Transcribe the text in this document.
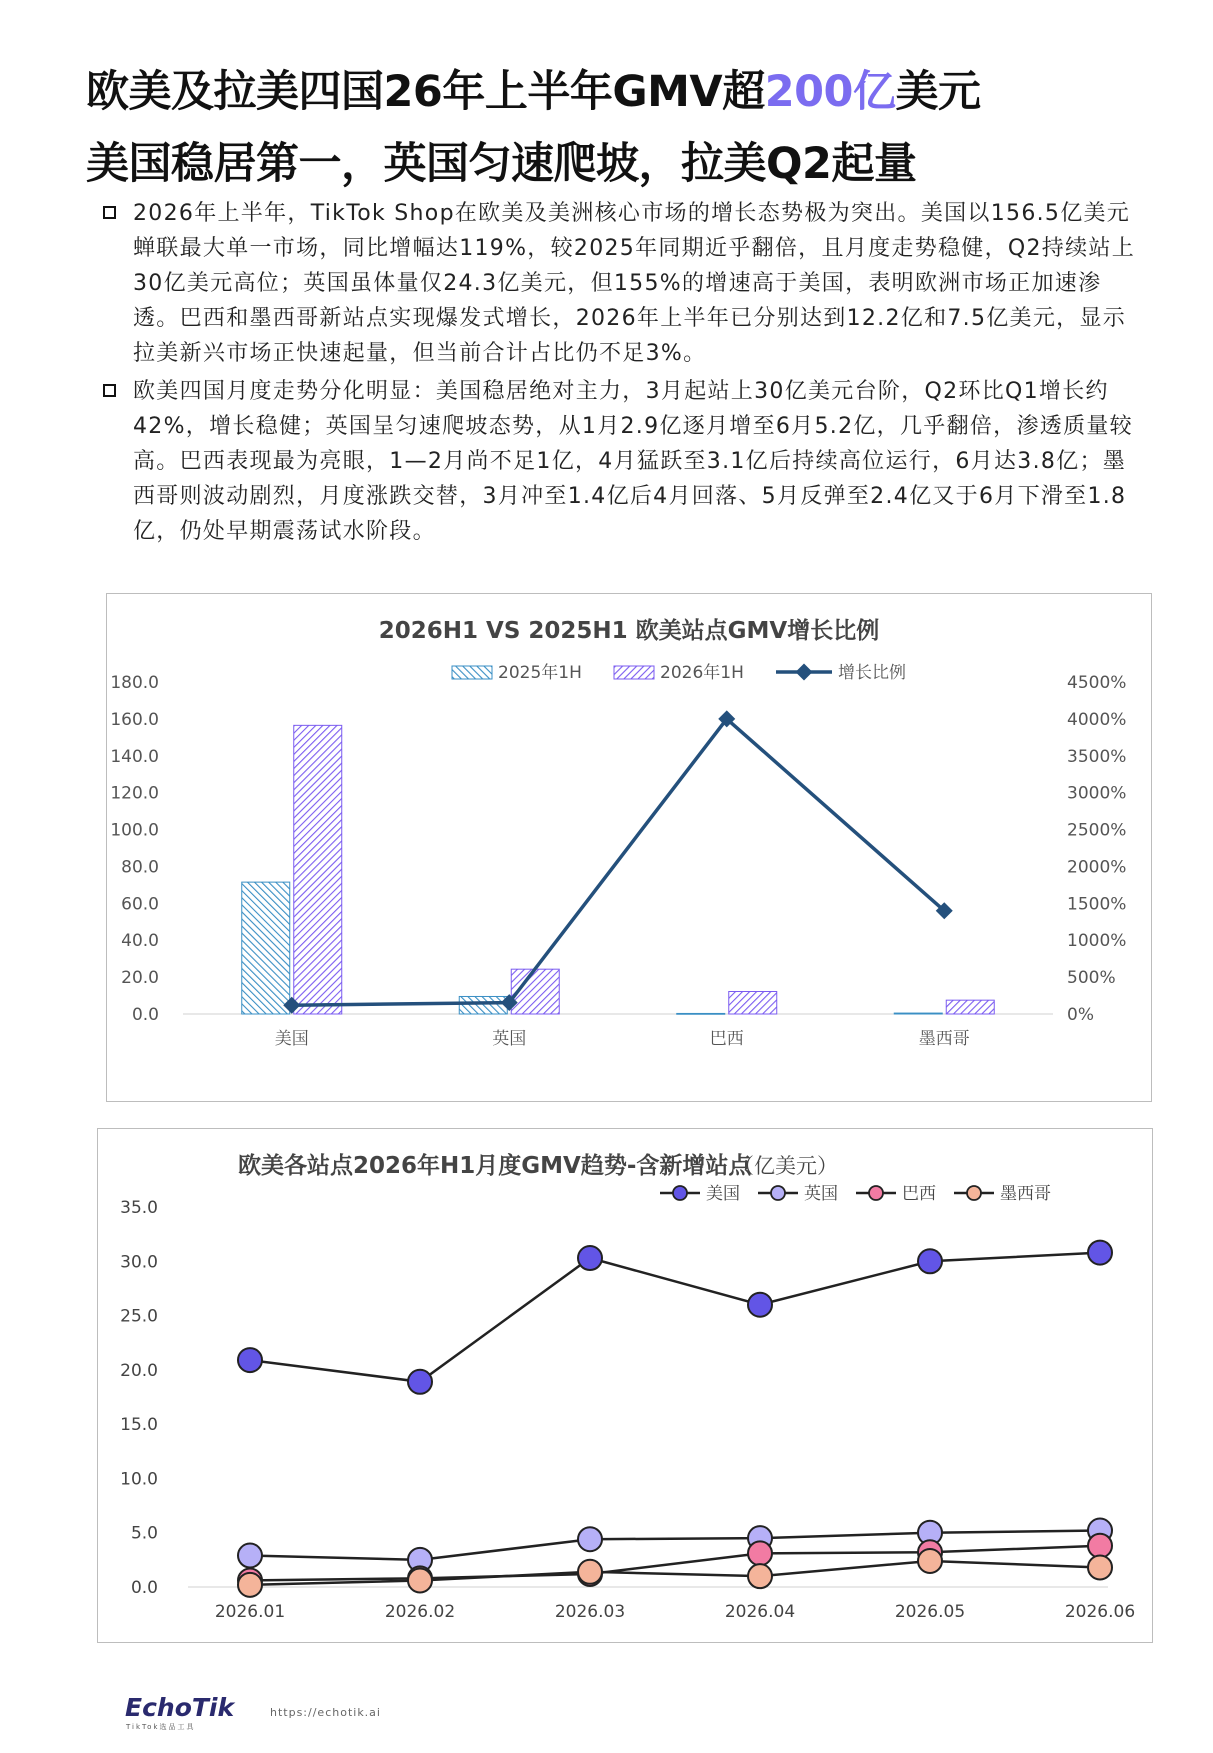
欧美及拉美四国26年上半年GMV超200亿美元
美国稳居第一，英国匀速爬坡，拉美Q2起量
2026年上半年，TikTok Shop在欧美及美洲核心市场的增长态势极为突出。美国以156.5亿美元蝉联最大单一市场，同比增幅达119%，较2025年同期近乎翻倍，且月度走势稳健，Q2持续站上30亿美元高位；英国虽体量仅24.3亿美元，但155%的增速高于美国，表明欧洲市场正加速渗透。巴西和墨西哥新站点实现爆发式增长，2026年上半年已分别达到12.2亿和7.5亿美元，显示拉美新兴市场正快速起量，但当前合计占比仍不足3%。
欧美四国月度走势分化明显：美国稳居绝对主力，3月起站上30亿美元台阶，Q2环比Q1增长约42%，增长稳健；英国呈匀速爬坡态势，从1月2.9亿逐月增至6月5.2亿，几乎翻倍，渗透质量较高。巴西表现最为亮眼，1—2月尚不足1亿，4月猛跃至3.1亿后持续高位运行，6月达3.8亿；墨西哥则波动剧烈，月度涨跌交替，3月冲至1.4亿后4月回落、5月反弹至2.4亿又于6月下滑至1.8亿，仍处早期震荡试水阶段。
2026H1 VS 2025H1 欧美站点GMV增长比例
0.0
20.0
40.0
60.0
80.0
100.0
120.0
140.0
160.0
180.0
0%
500%
1000%
1500%
2000%
2500%
3000%
3500%
4000%
4500%
美国	英国	巴西	墨西哥
2025年1H	2026年1H	增长比例
欧美各站点2026年H1月度GMV趋势-含新增站点
（亿美元）
0.0
5.0
10.0
15.0
20.0
25.0
30.0
35.0
2026.01	2026.02	2026.03	2026.04	2026.05	2026.06
美国	英国	巴西	墨西哥
EchoTik
TikTok选品工具
https://echotik.ai
